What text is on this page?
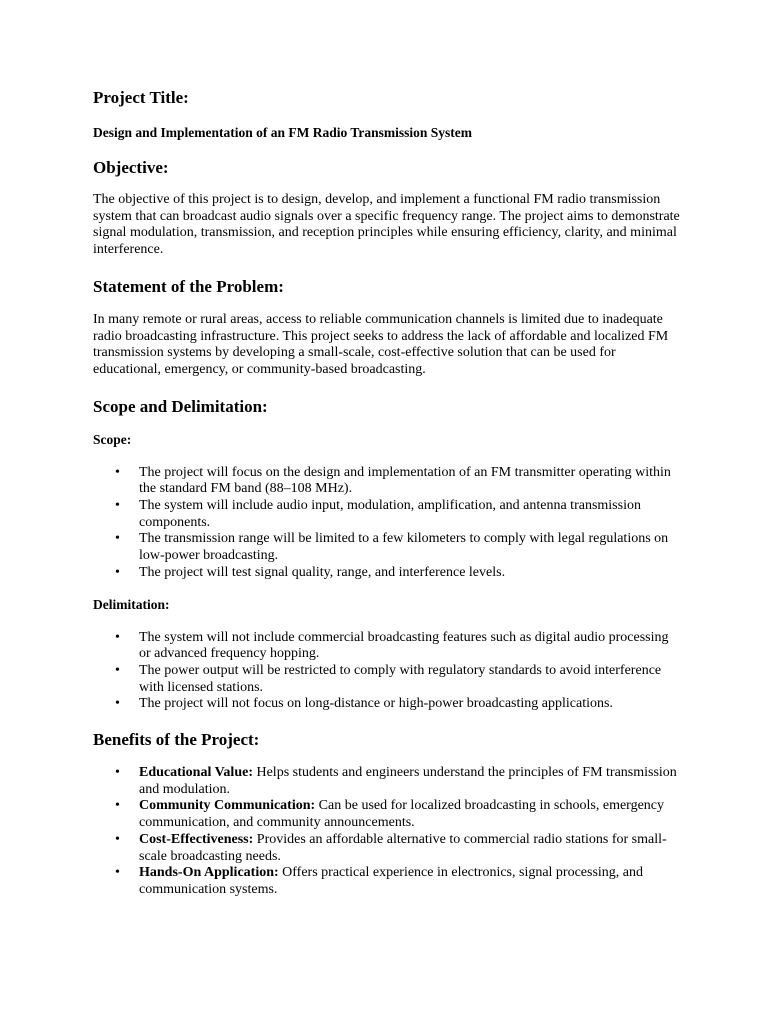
Project Title:
Design and Implementation of an FM Radio Transmission System
Objective:

The objective of this project is to design, develop, and implement a functional FM radio transmission system that can broadcast audio signals over a specific frequency range. The project aims to demonstrate signal modulation, transmission, and reception principles while ensuring efficiency, clarity, and minimal interference.

Statement of the Problem:

In many remote or rural areas, access to reliable communication channels is limited due to inadequate radio broadcasting infrastructure. This project seeks to address the lack of affordable and localized FM transmission systems by developing a small-scale, cost-effective solution that can be used for educational, emergency, or community-based broadcasting.

Scope and Delimitation:
Scope:
• The project will focus on the design and implementation of an FM transmitter operating within the standard FM band (88–108 MHz).
• The system will include audio input, modulation, amplification, and antenna transmission components.
• The transmission range will be limited to a few kilometers to comply with legal regulations on low-power broadcasting.
• The project will test signal quality, range, and interference levels.
Delimitation:
• The system will not include commercial broadcasting features such as digital audio processing or advanced frequency hopping.
• The power output will be restricted to comply with regulatory standards to avoid interference with licensed stations.
• The project will not focus on long-distance or high-power broadcasting applications.
Benefits of the Project:
• Educational Value: Helps students and engineers understand the principles of FM transmission and modulation.
• Community Communication: Can be used for localized broadcasting in schools, emergency communication, and community announcements.
• Cost-Effectiveness: Provides an affordable alternative to commercial radio stations for small-scale broadcasting needs.
• Hands-On Application: Offers practical experience in electronics, signal processing, and communication systems.
